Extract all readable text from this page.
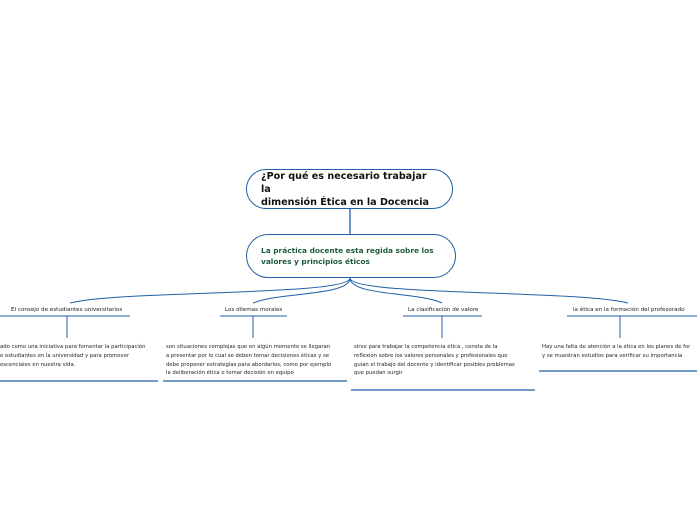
¿Por qué es necesario trabajar la
dimensión Ética en la Docencia
La práctica docente esta regida sobre los
valores y principios éticos
El consejo de estudiantes universitarios
ado como una iniciativa para fomentar la participación
e estudiantes en la universidad y para promover
escenciales en nuestra vida.
Los dilemas morales
son situaciones complejas que en algún momento se llegaran
a presentar por lo cual se deben tomar decisiones éticas y se
debe proponer estrategias para abordarlos, como por ejemplo
la deliberación ética o tomar decisión en equipo
La clasificación de valore
sirve para trabajar la competencia ética , consta de la
reflexión sobre los valores personales y profesionales que
guian el trabajo del docente y identificar posibles problemas
que puedan surgir
la ética en la formación del profesorado
Hay una falta de atención a la ética en los planes de for
y se muestran estudios para verificar su importancia
